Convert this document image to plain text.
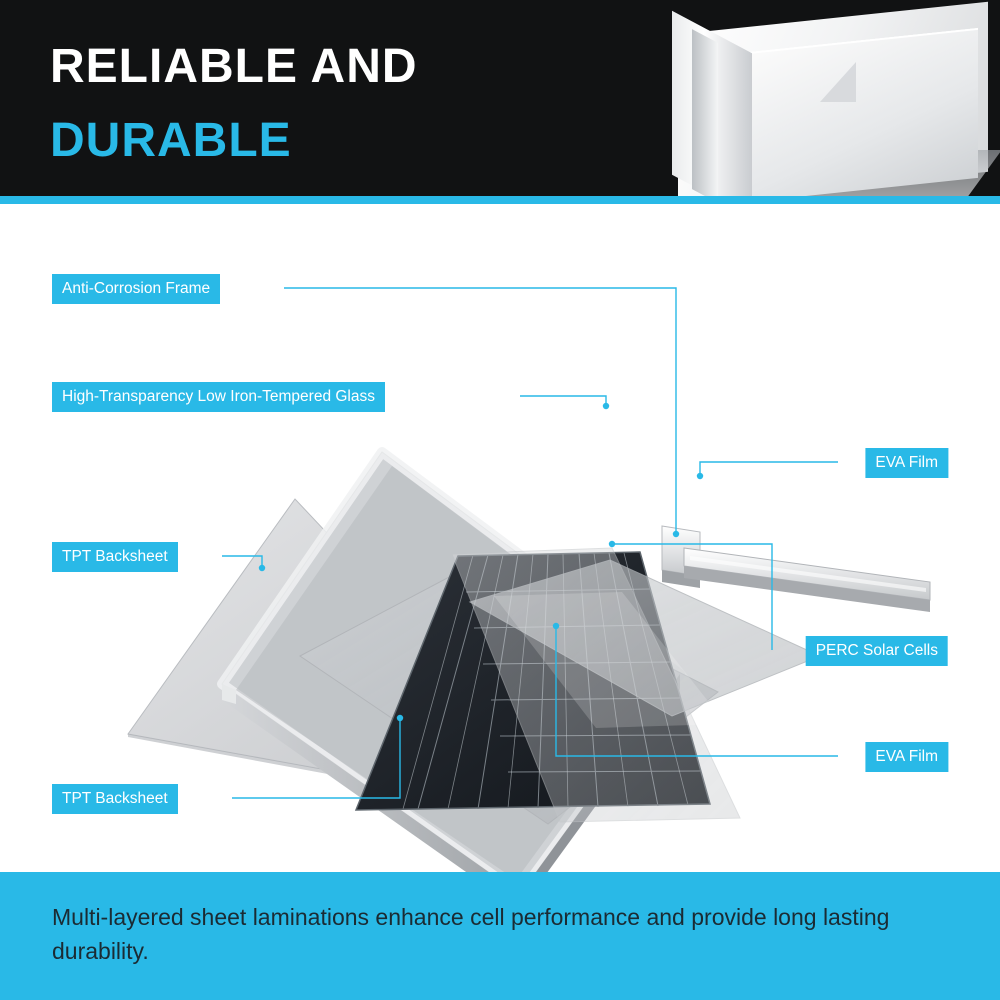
RELIABLE AND
DURABLE
Anti-Corrosion Frame
High-Transparency Low Iron-Tempered Glass
EVA Film
TPT Backsheet
PERC Solar Cells
EVA Film
TPT Backsheet
Multi-layered sheet laminations enhance cell performance and provide long lasting durability.
